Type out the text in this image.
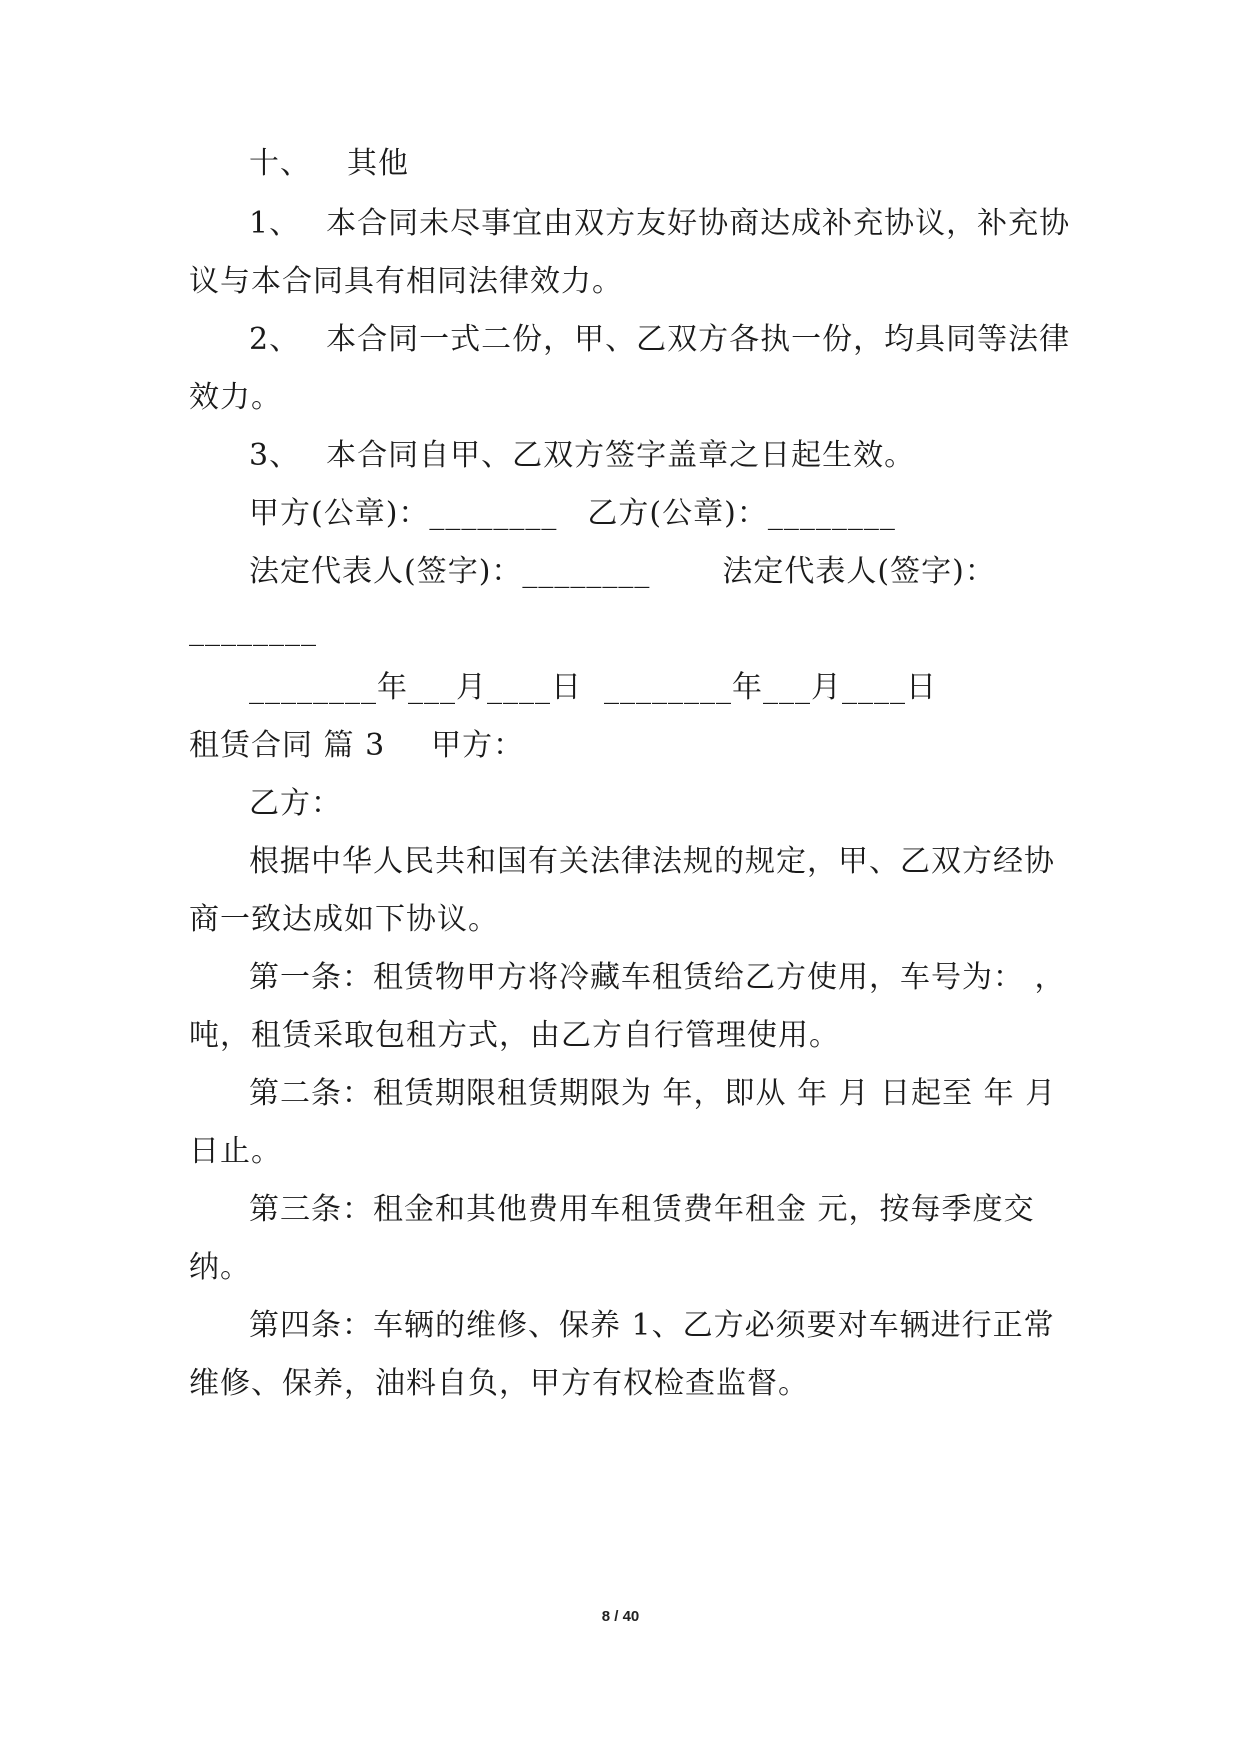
十、 其他
1、 本合同未尽事宜由双方友好协商达成补充协议，补充协
议与本合同具有相同法律效力。
2、 本合同一式二份，甲、乙双方各执一份，均具同等法律
效力。
3、 本合同自甲、乙双方签字盖章之日起生效。
甲方(公章)：________ 乙方(公章)：________
法定代表人(签字)：________ 法定代表人(签字)：
________
________年___月____日 ________年___月____日
租赁合同 篇 3 甲方：
乙方：
根据中华人民共和国有关法律法规的规定，甲、乙双方经协
商一致达成如下协议。
第一条：租赁物甲方将冷藏车租赁给乙方使用，车号为： ，
吨，租赁采取包租方式，由乙方自行管理使用。
第二条：租赁期限租赁期限为 年，即从 年 月 日起至 年 月
日止。
第三条：租金和其他费用车租赁费年租金 元，按每季度交
纳。
第四条：车辆的维修、保养 1、乙方必须要对车辆进行正常
维修、保养，油料自负，甲方有权检查监督。
8 / 40
